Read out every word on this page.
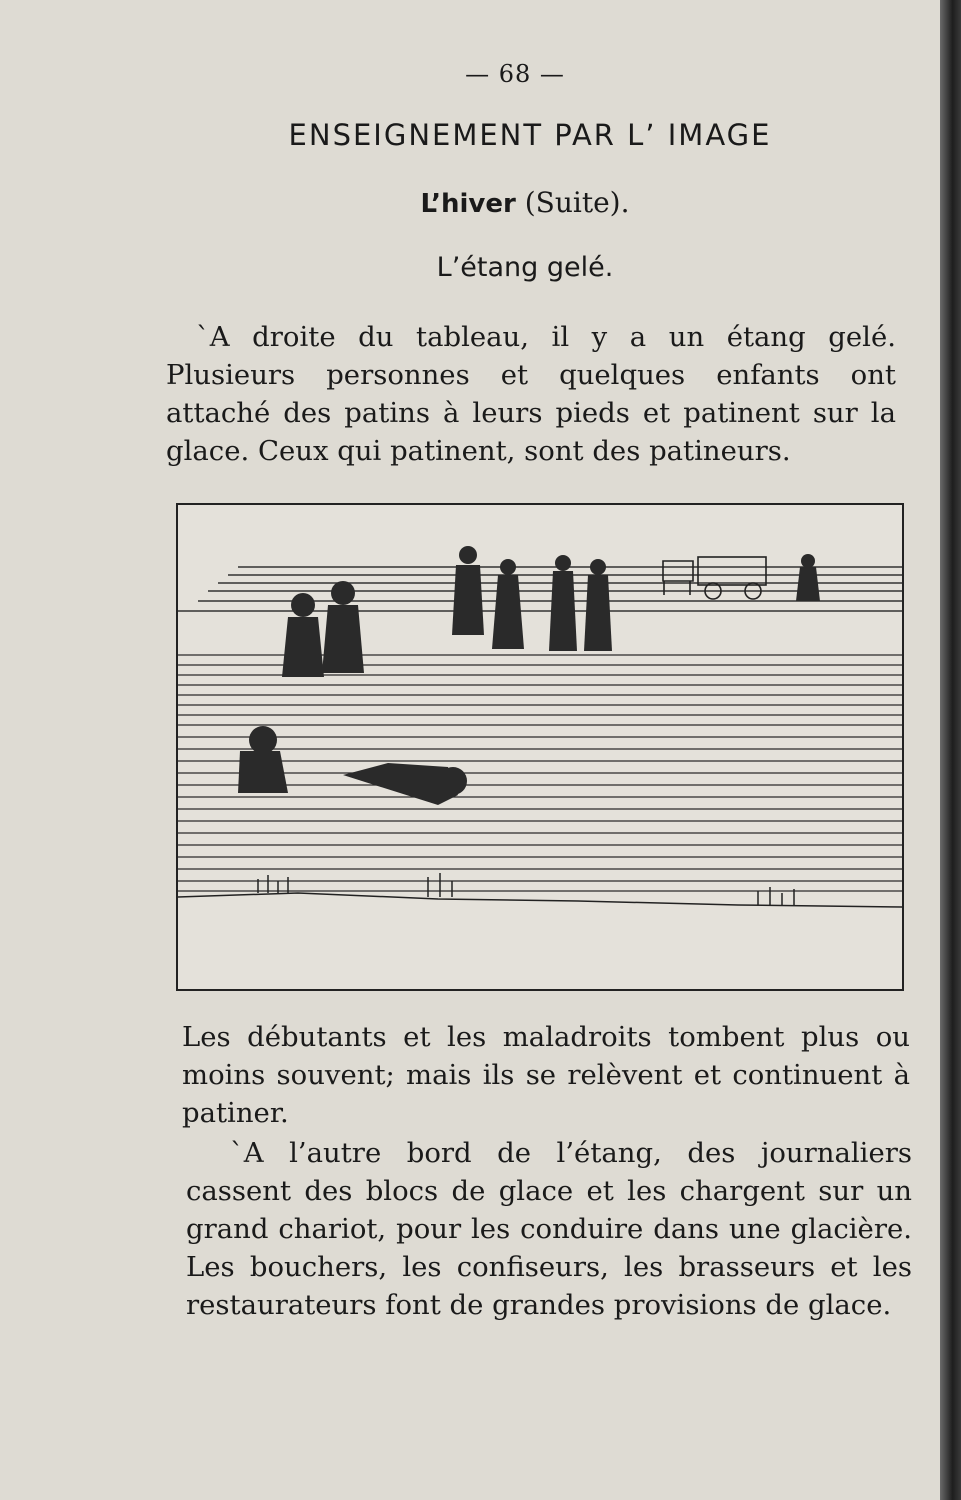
— 68 —
ENSEIGNEMENT PAR L’ IMAGE
L’hiver (Suite).
L’étang gelé.

`A droite du tableau, il y a un étang gelé. Plusieurs personnes et quelques enfants ont attaché des patins à leurs pieds et patinent sur la glace. Ceux qui patinent, sont des patineurs.

Les débutants et les maladroits tombent plus ou moins souvent; mais ils se relèvent et continuent à patiner.

`A l’autre bord de l’étang, des journaliers cassent des blocs de glace et les chargent sur un grand chariot, pour les conduire dans une glacière. Les bouchers, les confiseurs, les brasseurs et les restaurateurs font de grandes provisions de glace.
